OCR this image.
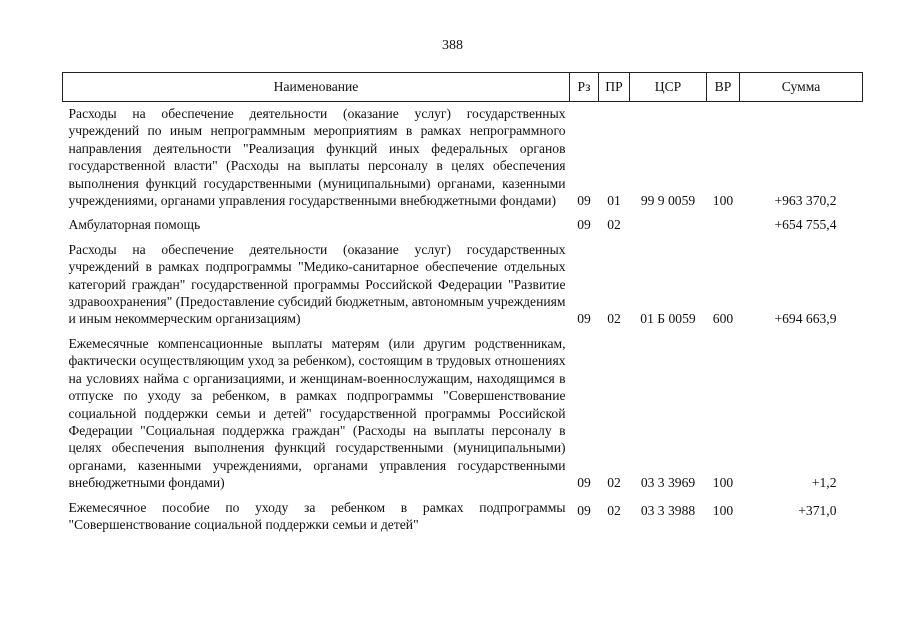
388
Наименование	Рз	ПР	ЦСР	ВР	Сумма
Расходы на обеспечение деятельности (оказание услуг) государственных учреждений по иным непрограммным мероприятиям в рамках непрограммного направления деятельности "Реализация функций иных федеральных органов государственной власти" (Расходы на выплаты персоналу в целях обеспечения выполнения функций государственными (муниципальными) органами, казенными учреждениями, органами управления государственными внебюджетными фондами)	09	01	99 9 0059	100	+963 370,2
Амбулаторная помощь	09	02			+654 755,4
Расходы на обеспечение деятельности (оказание услуг) государственных учреждений в рамках подпрограммы "Медико-санитарное обеспечение отдельных категорий граждан" государственной программы Российской Федерации "Развитие здравоохранения" (Предоставление субсидий бюджетным, автономным учреждениям и иным некоммерческим организациям)	09	02	01 Б 0059	600	+694 663,9
Ежемесячные компенсационные выплаты матерям (или другим родственникам, фактически осуществляющим уход за ребенком), состоящим в трудовых отношениях на условиях найма с организациями, и женщинам-военнослужащим, находящимся в отпуске по уходу за ребенком, в рамках подпрограммы "Совершенствование социальной поддержки семьи и детей" государственной программы Российской Федерации "Социальная поддержка граждан" (Расходы на выплаты персоналу в целях обеспечения выполнения функций государственными (муниципальными) органами, казенными учреждениями, органами управления государственными внебюджетными фондами)	09	02	03 3 3969	100	+1,2
Ежемесячное пособие по уходу за ребенком в рамках подпрограммы "Совершенствование социальной поддержки семьи и детей"	09	02	03 3 3988	100	+371,0
